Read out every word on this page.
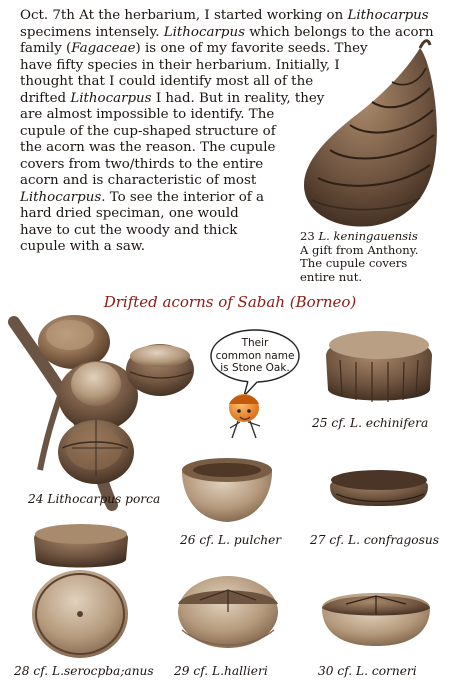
Oct. 7th At the herbarium, I started working on Lithocarpus
specimens intensely. Lithocarpus which belongs to the acorn
family (Fagaceae) is one of my favorite seeds. They
have fifty species in their herbarium. Initially, I
thought that I could identify most all of the
drifted Lithocarpus I had. But in reality, they
are almost impossible to identify. The
cupule of the cup-shaped structure of
the acorn was the reason. The cupule
covers from two/thirds to the entire
acorn and is characteristic of most
Lithocarpus. To see the interior of a
hard dried speciman, one would
have to cut the woody and thick
cupule with a saw.
23 L. keningauensis
A gift from Anthony.
The cupule covers
entire nut.
Drifted acorns of Sabah (Borneo)
Their
common name
is Stone Oak.
24 Lithocarpus porca
25 cf. L. echinifera
26 cf. L. pulcher 27 cf. L. confragosus
28 cf. L.serocpba;anus 29 cf. L.hallieri	30 cf. L. corneri
